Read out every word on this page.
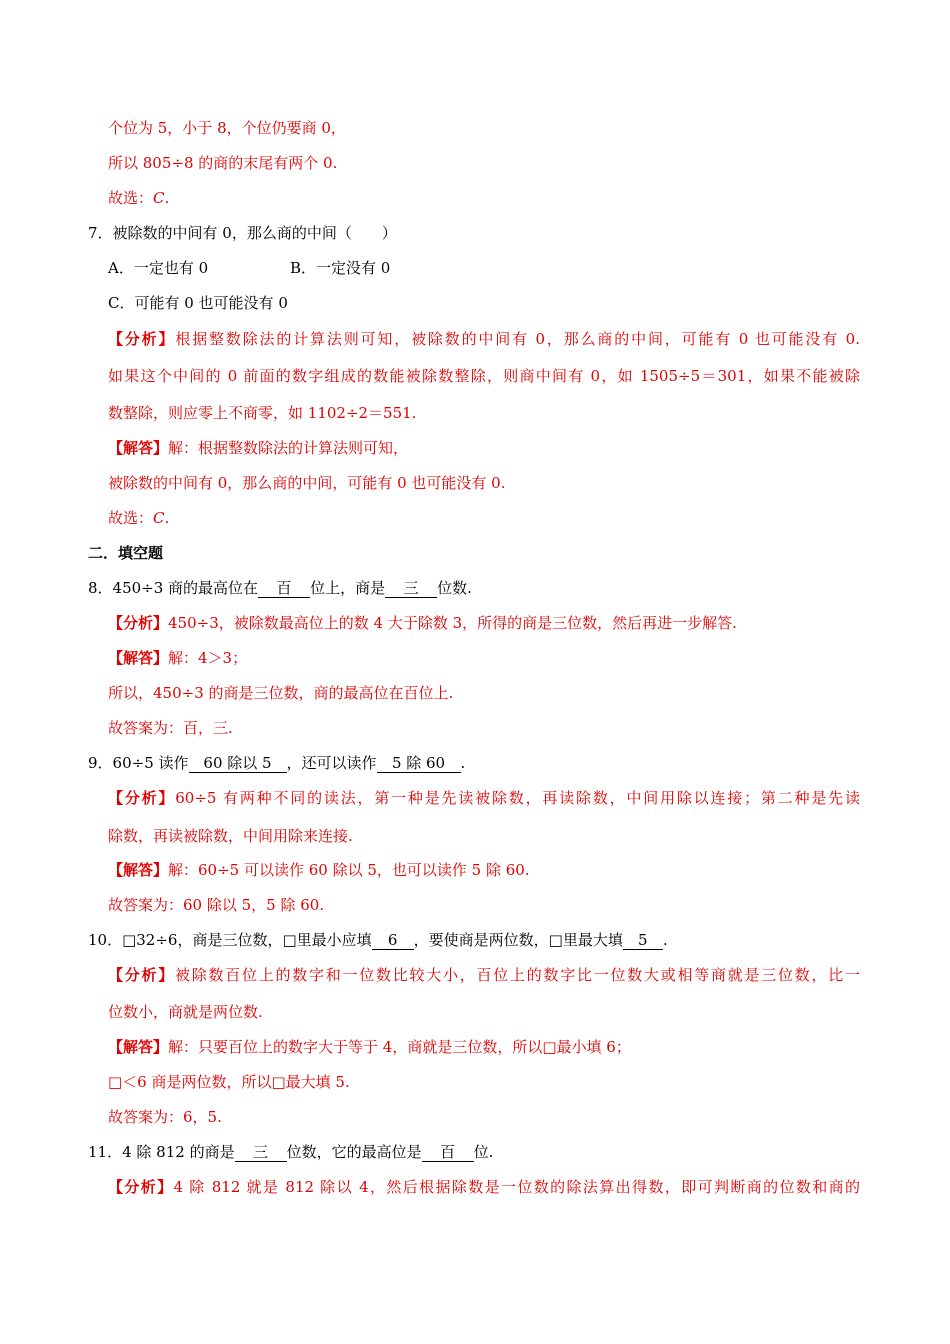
个位为 5，小于 8，个位仍要商 0，
所以 805÷8 的商的末尾有两个 0.
故选：C.
7．被除数的中间有 0，那么商的中间（　　）
A．一定也有 0	B．一定没有 0
C．可能有 0 也可能没有 0
【分析】根据整数除法的计算法则可知，被除数的中间有 0，那么商的中间，可能有 0 也可能没有 0.
如果这个中间的 0 前面的数字组成的数能被除数整除，则商中间有 0，如 1505÷5＝301，如果不能被除
数整除，则应零上不商零，如 1102÷2＝551.
【解答】解：根据整数除法的计算法则可知，
被除数的中间有 0，那么商的中间，可能有 0 也可能没有 0.
故选：C.
二．填空题
8．450÷3 商的最高位在 百 位上，商是 三 位数.
【分析】450÷3，被除数最高位上的数 4 大于除数 3，所得的商是三位数，然后再进一步解答.
【解答】解：4＞3；
所以，450÷3 的商是三位数，商的最高位在百位上.
故答案为：百，三.
9．60÷5 读作 60 除以 5 ，还可以读作 5 除 60 .
【分析】60÷5 有两种不同的读法，第一种是先读被除数，再读除数，中间用除以连接；第二种是先读
除数，再读被除数，中间用除来连接.
【解答】解：60÷5 可以读作 60 除以 5，也可以读作 5 除 60.
故答案为：60 除以 5，5 除 60.
10．□32÷6，商是三位数，□里最小应填 6 ，要使商是两位数，□里最大填 5 .
【分析】被除数百位上的数字和一位数比较大小，百位上的数字比一位数大或相等商就是三位数，比一
位数小，商就是两位数.
【解答】解：只要百位上的数字大于等于 4，商就是三位数，所以□最小填 6；
□＜6 商是两位数，所以□最大填 5.
故答案为：6，5.
11．4 除 812 的商是 三 位数，它的最高位是 百 位.
【分析】4 除 812 就是 812 除以 4，然后根据除数是一位数的除法算出得数，即可判断商的位数和商的
